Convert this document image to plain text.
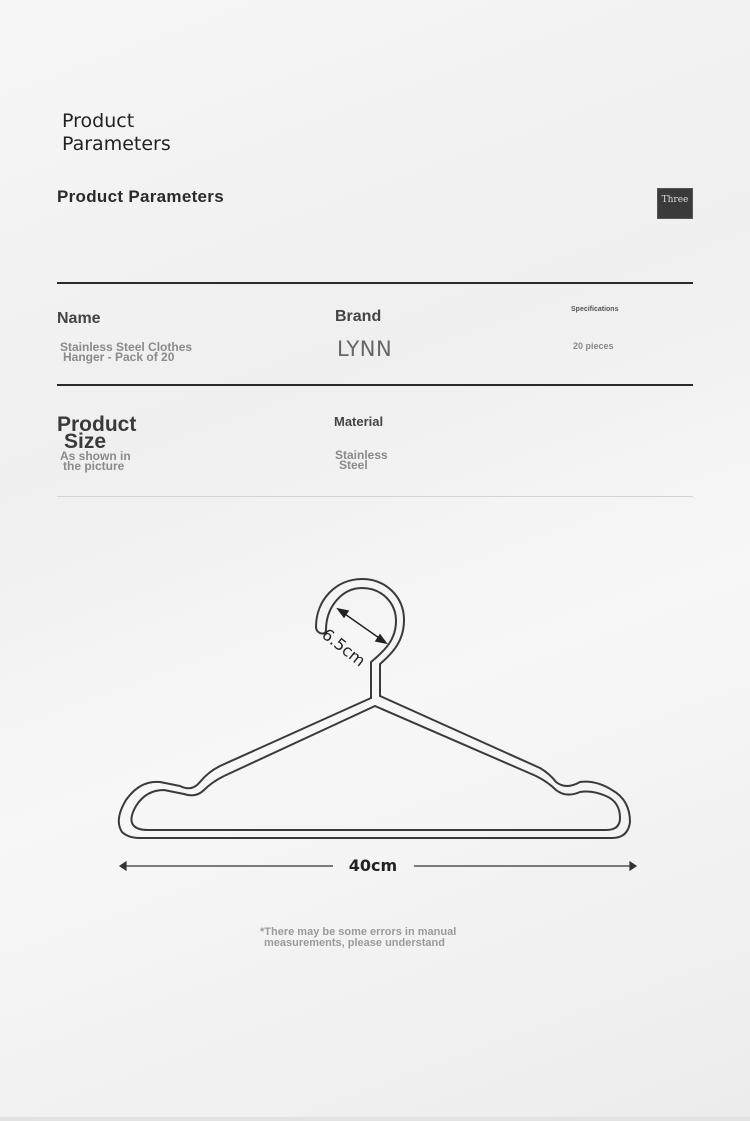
Product
Parameters
Product Parameters	Three
Name
Stainless Steel Clothes
Hanger - Pack of 20
Brand
LYNN
Specifications
20 pieces
Product
Size
As shown in
the picture
Material
Stainless
Steel
6.5cm
40cm
*There may be some errors in manual
measurements, please understand
